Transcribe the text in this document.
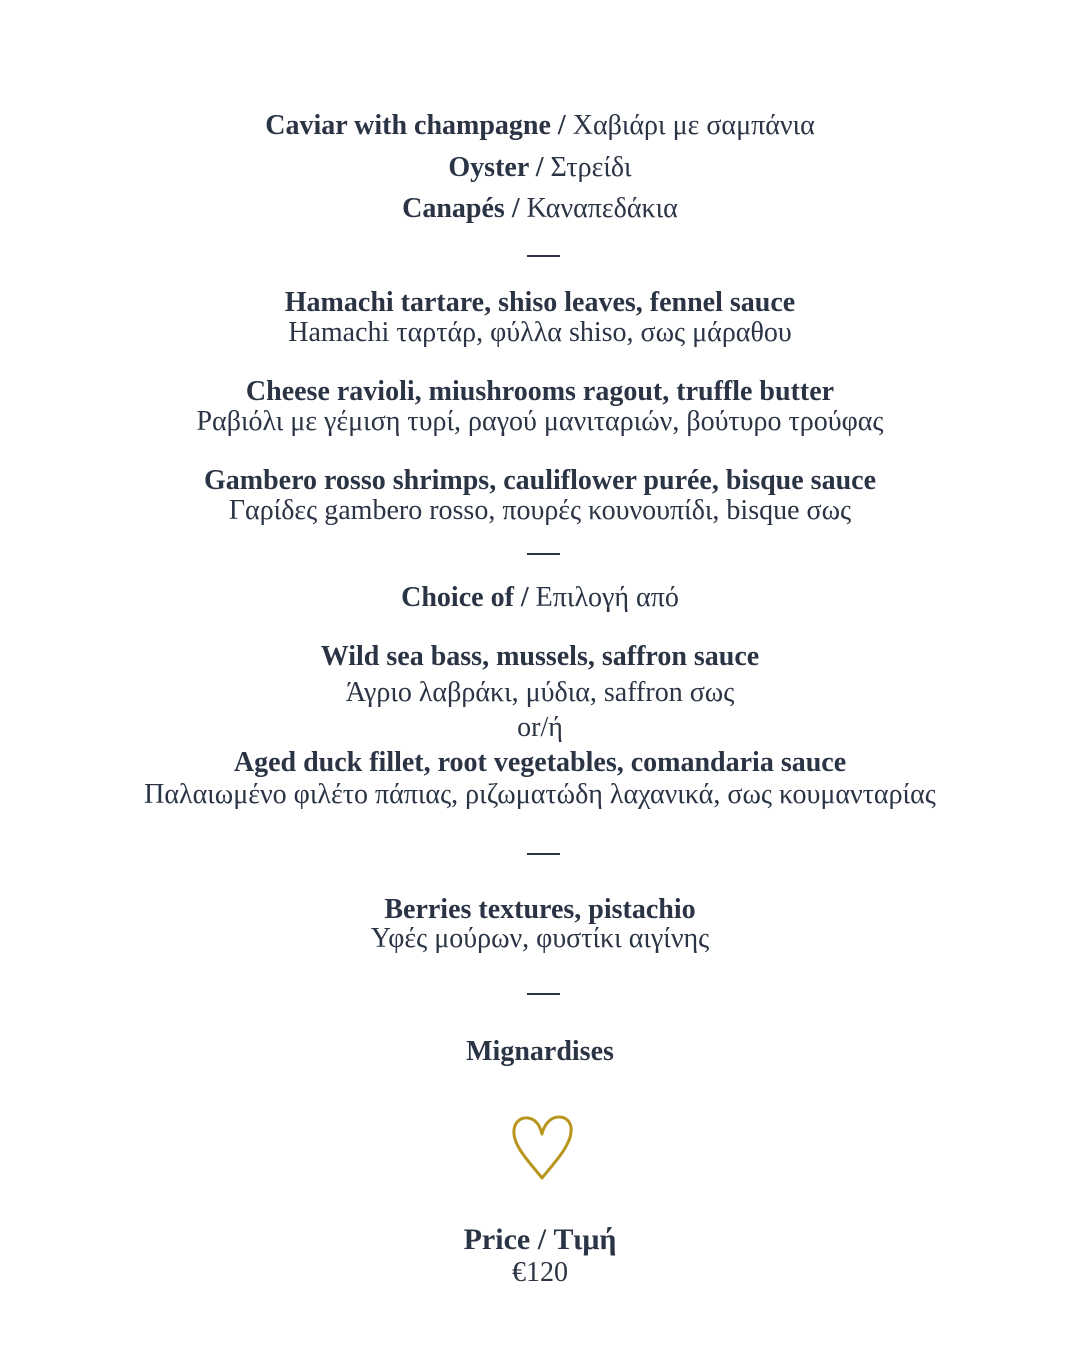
Caviar with champagne / Χαβιάρι με σαμπάνια

Oyster / Στρείδι

Canapés / Καναπεδάκια

Hamachi tartare, shiso leaves, fennel sauce

Hamachi ταρτάρ, φύλλα shiso, σως μάραθου

Cheese ravioli, miushrooms ragout, truffle butter

Ραβιόλι με γέμιση τυρί, ραγού μανιταριών, βούτυρο τρούφας

Gambero rosso shrimps, cauliflower purée, bisque sauce

Γαρίδες gambero rosso, πουρές κουνουπίδι, bisque σως

Choice of / Επιλογή από

Wild sea bass, mussels, saffron sauce

Άγριο λαβράκι, μύδια, saffron σως

or/ή

Aged duck fillet, root vegetables, comandaria sauce

Παλαιωμένο φιλέτο πάπιας, ριζωματώδη λαχανικά, σως κουμανταρίας

Berries textures, pistachio

Υφές μούρων, φυστίκι αιγίνης

Mignardises

Price / Τιμή

€120
